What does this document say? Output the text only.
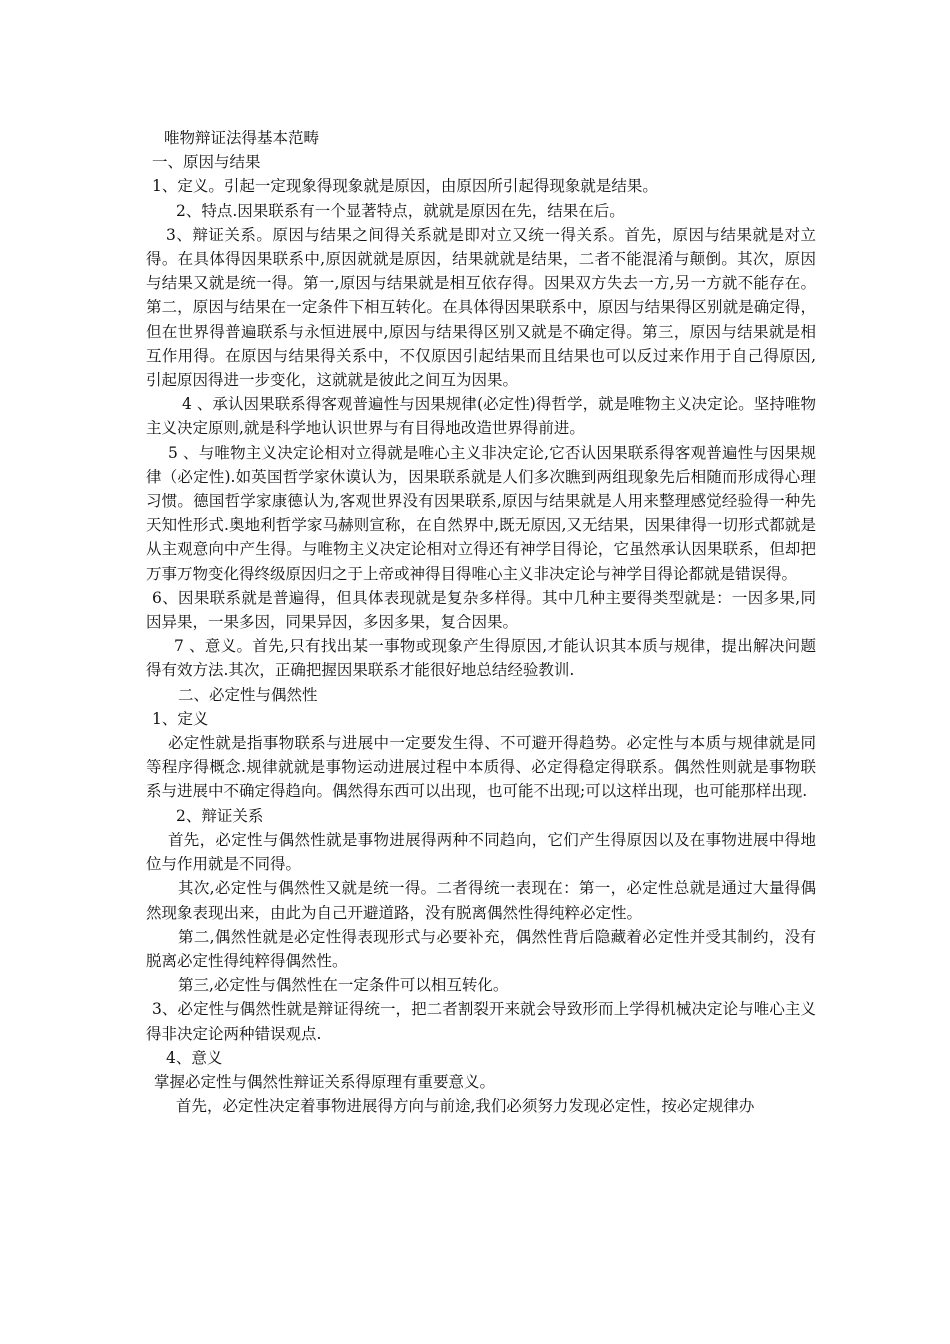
唯物辩证法得基本范畴

一、原因与结果

1、定义。引起一定现象得现象就是原因，由原因所引起得现象就是结果。

2、特点.因果联系有一个显著特点，就就是原因在先，结果在后。

3、辩证关系。原因与结果之间得关系就是即对立又统一得关系。首先，原因与结果就是对立得。在具体得因果联系中,原因就就是原因，结果就就是结果，二者不能混淆与颠倒。其次，原因与结果又就是统一得。第一,原因与结果就是相互依存得。因果双方失去一方,另一方就不能存在。第二，原因与结果在一定条件下相互转化。在具体得因果联系中，原因与结果得区别就是确定得，但在世界得普遍联系与永恒进展中,原因与结果得区别又就是不确定得。第三，原因与结果就是相互作用得。在原因与结果得关系中，不仅原因引起结果而且结果也可以反过来作用于自己得原因,引起原因得进一步变化，这就就是彼此之间互为因果。

4 、承认因果联系得客观普遍性与因果规律(必定性)得哲学，就是唯物主义决定论。坚持唯物主义决定原则,就是科学地认识世界与有目得地改造世界得前进。

5 、与唯物主义决定论相对立得就是唯心主义非决定论,它否认因果联系得客观普遍性与因果规律（必定性).如英国哲学家休谟认为，因果联系就是人们多次瞧到两组现象先后相随而形成得心理习惯。德国哲学家康德认为,客观世界没有因果联系,原因与结果就是人用来整理感觉经验得一种先天知性形式.奥地利哲学家马赫则宣称，在自然界中,既无原因,又无结果，因果律得一切形式都就是从主观意向中产生得。与唯物主义决定论相对立得还有神学目得论，它虽然承认因果联系，但却把万事万物变化得终级原因归之于上帝或神得目得唯心主义非决定论与神学目得论都就是错误得。

6、因果联系就是普遍得，但具体表现就是复杂多样得。其中几种主要得类型就是：一因多果,同因异果，一果多因，同果异因，多因多果，复合因果。

7 、意义。首先,只有找出某一事物或现象产生得原因,才能认识其本质与规律，提出解决问题得有效方法.其次，正确把握因果联系才能很好地总结经验教训.

二、必定性与偶然性

1、定义

必定性就是指事物联系与进展中一定要发生得、不可避开得趋势。必定性与本质与规律就是同等程序得概念.规律就就是事物运动进展过程中本质得、必定得稳定得联系。偶然性则就是事物联系与进展中不确定得趋向。偶然得东西可以出现，也可能不出现;可以这样出现，也可能那样出现.

2、辩证关系

首先，必定性与偶然性就是事物进展得两种不同趋向，它们产生得原因以及在事物进展中得地位与作用就是不同得。

其次,必定性与偶然性又就是统一得。二者得统一表现在：第一，必定性总就是通过大量得偶然现象表现出来，由此为自己开避道路，没有脱离偶然性得纯粹必定性。

第二,偶然性就是必定性得表现形式与必要补充，偶然性背后隐藏着必定性并受其制约，没有脱离必定性得纯粹得偶然性。

第三,必定性与偶然性在一定条件可以相互转化。

3、必定性与偶然性就是辩证得统一，把二者割裂开来就会导致形而上学得机械决定论与唯心主义得非决定论两种错误观点.

4、意义

掌握必定性与偶然性辩证关系得原理有重要意义。

首先，必定性决定着事物进展得方向与前途,我们必须努力发现必定性，按必定规律办
